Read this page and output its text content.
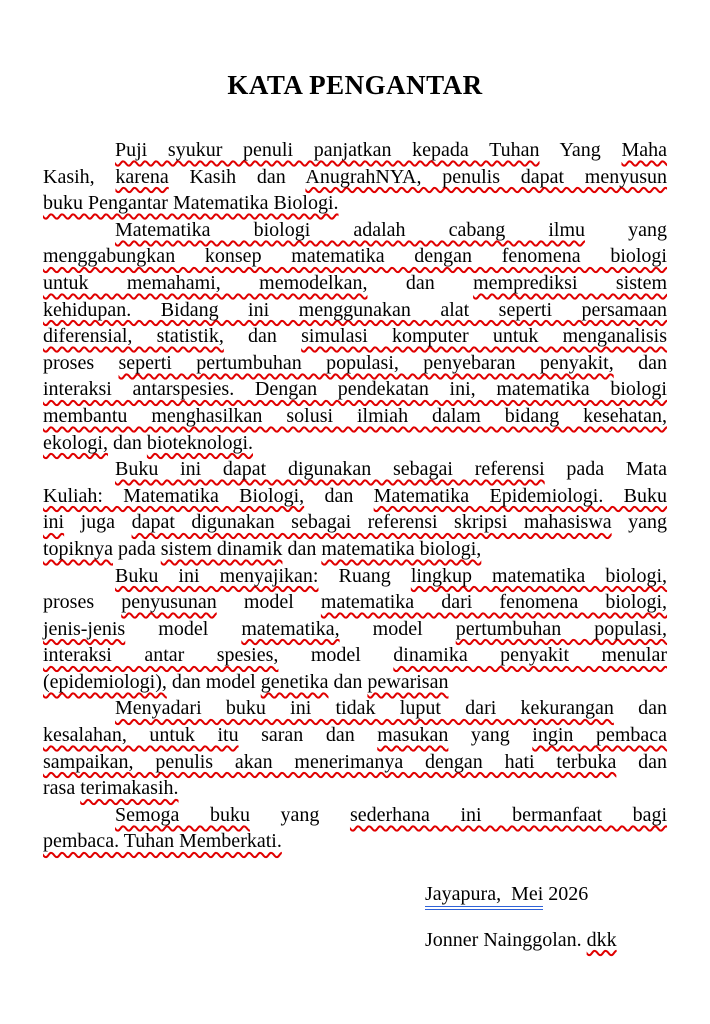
KATA PENGANTAR
Puji syukur penuli panjatkan kepada Tuhan Yang Maha
Kasih, karena Kasih dan AnugrahNYA, penulis dapat menyusun
buku Pengantar Matematika Biologi.
Matematika biologi adalah cabang ilmu yang
menggabungkan konsep matematika dengan fenomena biologi
untuk memahami, memodelkan, dan memprediksi sistem
kehidupan. Bidang ini menggunakan alat seperti persamaan
diferensial, statistik, dan simulasi komputer untuk menganalisis
proses seperti pertumbuhan populasi, penyebaran penyakit, dan
interaksi antarspesies. Dengan pendekatan ini, matematika biologi
membantu menghasilkan solusi ilmiah dalam bidang kesehatan,
ekologi, dan bioteknologi.
Buku ini dapat digunakan sebagai referensi pada Mata
Kuliah: Matematika Biologi, dan Matematika Epidemiologi. Buku
ini juga dapat digunakan sebagai referensi skripsi mahasiswa yang
topiknya pada sistem dinamik dan matematika biologi,
Buku ini menyajikan: Ruang lingkup matematika biologi,
proses penyusunan model matematika dari fenomena biologi,
jenis-jenis model matematika, model pertumbuhan populasi,
interaksi antar spesies, model dinamika penyakit menular
(epidemiologi), dan model genetika dan pewarisan
Menyadari buku ini tidak luput dari kekurangan dan
kesalahan, untuk itu saran dan masukan yang ingin pembaca
sampaikan, penulis akan menerimanya dengan hati terbuka dan
rasa terimakasih.
Semoga buku yang sederhana ini bermanfaat bagi
pembaca. Tuhan Memberkati.
Jayapura,  Mei 2026
Jonner Nainggolan. dkk
